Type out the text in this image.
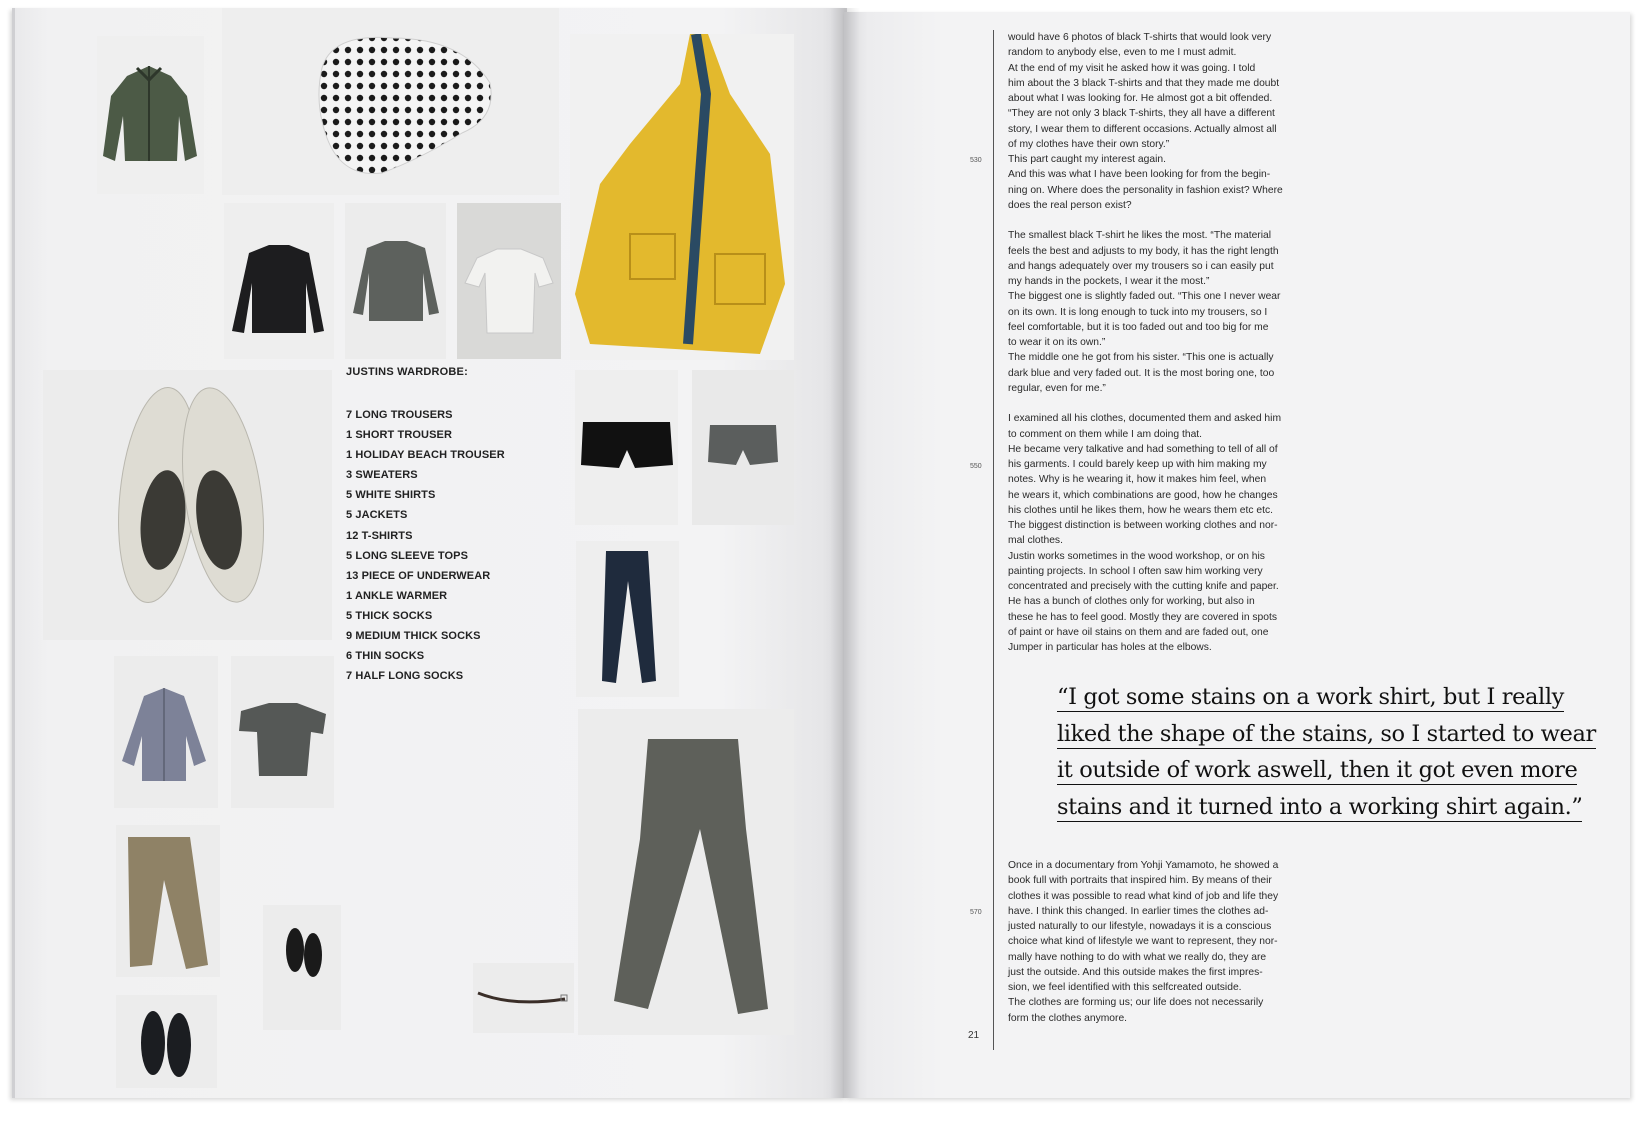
JUSTINS WARDROBE:
7 LONG TROUSERS
1 SHORT TROUSER
1 HOLIDAY BEACH TROUSER
3 SWEATERS
5 WHITE SHIRTS
5 JACKETS
12 T-SHIRTS
5 LONG SLEEVE TOPS
13 PIECE OF UNDERWEAR
1 ANKLE WARMER
5 THICK SOCKS
9 MEDIUM THICK SOCKS
6 THIN SOCKS
7 HALF LONG SOCKS
530
550
570

would have 6 photos of black T-shirts that would look very

random to anybody else, even to me I must admit.

At the end of my visit he asked how it was going. I told

him about the 3 black T-shirts and that they made me doubt

about what I was looking for. He almost got a bit offended.

“They are not only 3 black T-shirts, they all have a different

story, I wear them to different occasions. Actually almost all

of my clothes have their own story.”

This part caught my interest again.

And this was what I have been looking for from the begin-

ning on. Where does the personality in fashion exist? Where

does the real person exist?

The smallest black T-shirt he likes the most. “The material

feels the best and adjusts to my body, it has the right length

and hangs adequately over my trousers so i can easily put

my hands in the pockets, I wear it the most.”

The biggest one is slightly faded out. “This one I never wear

on its own. It is long enough to tuck into my trousers, so I

feel comfortable, but it is too faded out and too big for me

to wear it on its own.”

The middle one he got from his sister. “This one is actually

dark blue and very faded out. It is the most boring one, too

regular, even for me.”

I examined all his clothes, documented them and asked him

to comment on them while I am doing that.

He became very talkative and had something to tell of all of

his garments. I could barely keep up with him making my

notes. Why is he wearing it, how it makes him feel, when

he wears it, which combinations are good, how he changes

his clothes until he likes them, how he wears them etc etc.

The biggest distinction is between working clothes and nor-

mal clothes.

Justin works sometimes in the wood workshop, or on his

painting projects. In school I often saw him working very

concentrated and precisely with the cutting knife and paper.

He has a bunch of clothes only for working, but also in

these he has to feel good. Mostly they are covered in spots

of paint or have oil stains on them and are faded out, one

Jumper in particular has holes at the elbows.

“I got some stains on a work shirt, but I really
liked the shape of the stains, so I started to wear
it outside of work aswell, then it got even more
stains and it turned into a working shirt again.”

Once in a documentary from Yohji Yamamoto, he showed a

book full with portraits that inspired him. By means of their

clothes it was possible to read what kind of job and life they

have. I think this changed. In earlier times the clothes ad-

justed naturally to our lifestyle, nowadays it is a conscious

choice what kind of lifestyle we want to represent, they nor-

mally have nothing to do with what we really do, they are

just the outside. And this outside makes the first impres-

sion, we feel identified with this selfcreated outside.

The clothes are forming us; our life does not necessarily

form the clothes anymore.

21
